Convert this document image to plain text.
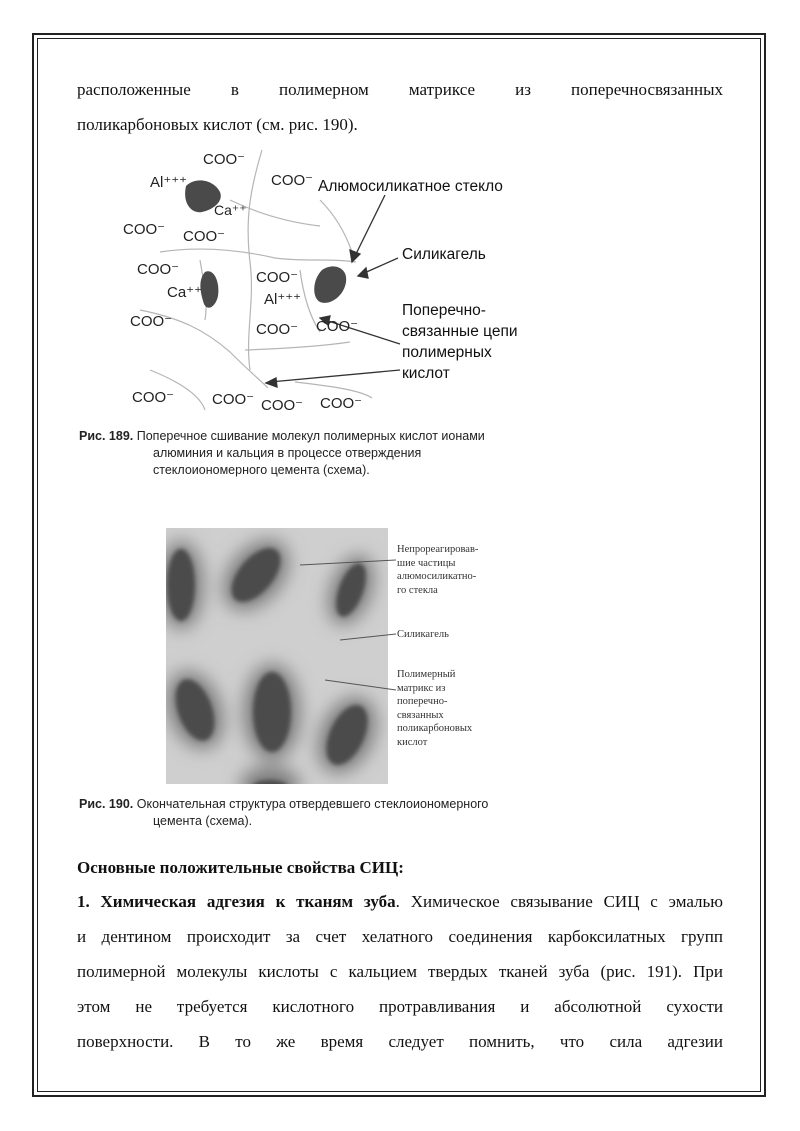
расположенные в полимерном матриксе из поперечносвязанных
поликарбоновых кислот (см. рис. 190).
COO⁻
Al⁺⁺⁺	COO⁻
Ca⁺⁺
COO⁻ COO⁻
COO⁻	COO⁻
Ca⁺⁺	Al⁺⁺⁺
COO⁻	COO⁻ COO⁻
COO⁻	COO⁻ COO⁻ COO⁻
Алюмосиликатное стекло
Силикагель
Поперечно-
связанные цепи
полимерных
кислот
Рис. 189. Поперечное сшивание молекул полимерных кислот ионами
алюминия и кальция в процессе отверждения
стеклоиономерного цемента (схема).
Непрореагировав-
шие частицы
алюмосиликатно-
го стекла
Силикагель
Полимерный
матрикс из
поперечно-
связанных
поликарбоновых
кислот
Рис. 190. Окончательная структура отвердевшего стеклоиономерного
цемента (схема).
Основные положительные свойства СИЦ:
1. Химическая адгезия к тканям зуба. Химическое связывание СИЦ с эмалью
и дентином происходит за счет хелатного соединения карбоксилатных групп
полимерной молекулы кислоты с кальцием твердых тканей зуба (рис. 191). При
этом не требуется кислотного протравливания и абсолютной сухости
поверхности. В то же время следует помнить, что сила адгезии
